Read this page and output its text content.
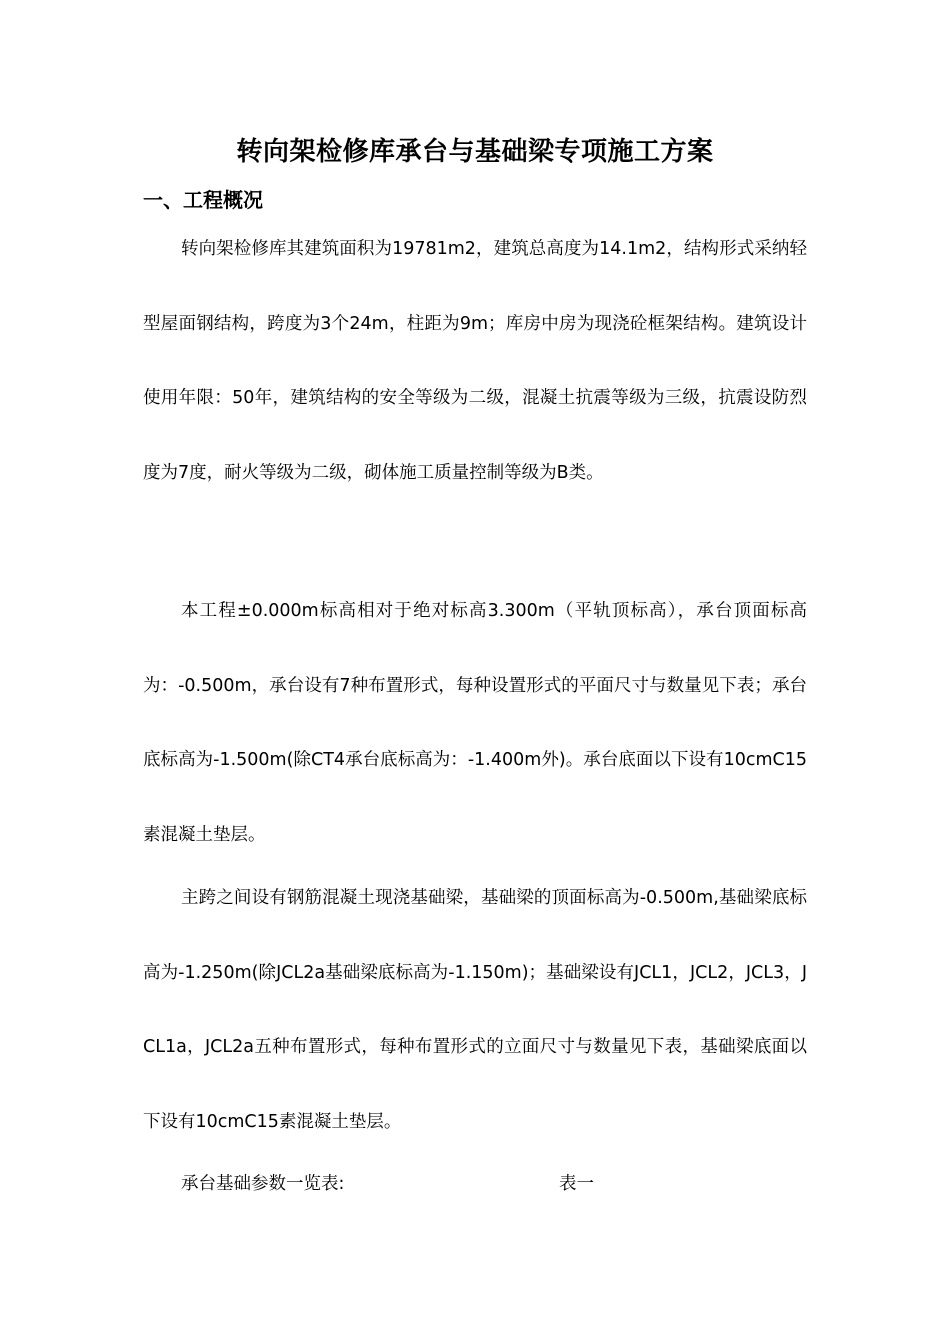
转向架检修库承台与基础梁专项施工方案
一、工程概况
转向架检修库其建筑面积为19781m2，建筑总高度为14.1m2，结构形式采纳轻型屋面钢结构，跨度为3个24m，柱距为9m；库房中房为现浇砼框架结构。建筑设计使用年限：50年，建筑结构的安全等级为二级，混凝土抗震等级为三级，抗震设防烈度为7度，耐火等级为二级，砌体施工质量控制等级为B类。
本工程±0.000m标高相对于绝对标高3.300m（平轨顶标高），承台顶面标高为：-0.500m，承台设有7种布置形式，每种设置形式的平面尺寸与数量见下表；承台底标高为-1.500m(除CT4承台底标高为：-1.400m外)。承台底面以下设有10cmC15素混凝土垫层。
主跨之间设有钢筋混凝土现浇基础梁，基础梁的顶面标高为-0.500m,基础梁底标高为-1.250m(除JCL2a基础梁底标高为-1.150m)；基础梁设有JCL1，JCL2，JCL3，JCL1a，JCL2a五种布置形式，每种布置形式的立面尺寸与数量见下表，基础梁底面以下设有10cmC15素混凝土垫层。
承台基础参数一览表:	表一
